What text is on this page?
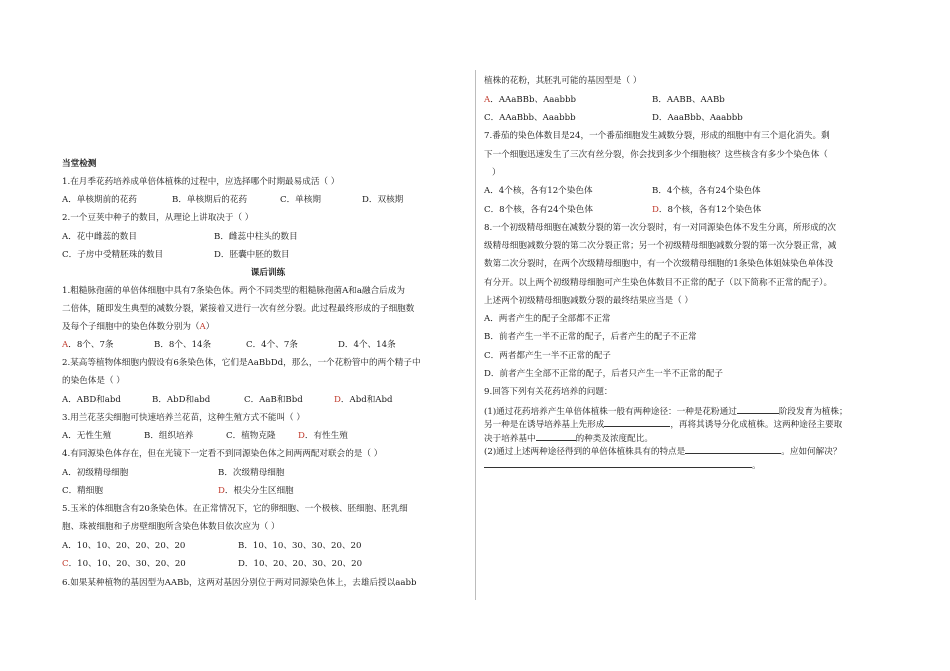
当堂检测
1.在月季花药培养成单倍体植株的过程中，应选择哪个时期最易成活（ ）
A．单核期前的花药	B．单核期后的花药	C．单核期	D．双核期
2.一个豆荚中种子的数目，从理论上讲取决于（ ）
A．花中雌蕊的数目	B．雌蕊中柱头的数目
C．子房中受精胚珠的数目	D．胚囊中胚的数目
课后训练
1.粗糙脉孢菌的单倍体细胞中具有7条染色体。两个不同类型的粗糙脉孢菌A和a融合后成为
二倍体，随即发生典型的减数分裂，紧接着又进行一次有丝分裂。此过程最终形成的子细胞数
及每个子细胞中的染色体数分别为（A）
A．8个、7条	B．8个、14条	C．4个、7条	D．4个、14条
2.某高等植物体细胞内假设有6条染色体，它们是AaBbDd，那么，一个花粉管中的两个精子中
的染色体是（ ）
A．ABD和abd	B．AbD和abd	C．AaB和Bbd	D．Abd和Abd
3.用兰花茎尖细胞可快速培养兰花苗，这种生殖方式不能叫（ ）
A．无性生殖	B．组织培养	C．植物克隆	D．有性生殖
4.有同源染色体存在，但在光镜下一定看不到同源染色体之间两两配对联会的是（ ）
A．初级精母细胞	B．次级精母细胞
C．精细胞	D．根尖分生区细胞
5.玉米的体细胞含有20条染色体。在正常情况下，它的卵细胞、一个极核、胚细胞、胚乳细
胞、珠被细胞和子房壁细胞所含染色体数目依次应为（ ）
A．10、10、20、20、20、20	B．10、10、30、30、20、20
C．10、10、20、30、20、20	D．10、20、20、30、20、20
6.如果某种植物的基因型为AABb，这两对基因分别位于两对同源染色体上，去雄后授以aabb
植株的花粉，其胚乳可能的基因型是（ ）
A．AAaBBb、Aaabbb	B．AABB、AABb
C．AAaBbb、Aaabbb	D．AaaBbb、Aaabbb
7.番茄的染色体数目是24，一个番茄细胞发生减数分裂，形成的细胞中有三个退化消失。剩
下一个细胞迅速发生了三次有丝分裂，你会找到多少个细胞核？这些核含有多少个染色体（
）
A．4个核，各有12个染色体	B．4个核，各有24个染色体
C．8个核，各有24个染色体	D．8个核，各有12个染色体
8.一个初级精母细胞在减数分裂的第一次分裂时，有一对同源染色体不发生分离，所形成的次
级精母细胞减数分裂的第二次分裂正常；另一个初级精母细胞减数分裂的第一次分裂正常，减
数第二次分裂时，在两个次级精母细胞中，有一个次级精母细胞的1条染色体姐妹染色单体没
有分开。以上两个初级精母细胞可产生染色体数目不正常的配子（以下简称不正常的配子）。
上述两个初级精母细胞减数分裂的最终结果应当是（ ）
A．两者产生的配子全部都不正常
B．前者产生一半不正常的配子，后者产生的配子不正常
C．两者都产生一半不正常的配子
D．前者产生全部不正常的配子，后者只产生一半不正常的配子
9.回答下列有关花药培养的问题：
(1)通过花药培养产生单倍体植株一般有两种途径：一种是花粉通过	阶段发育为植株；
另一种是在诱导培养基上先形成	，再将其诱导分化成植株。这两种途径主要取
决于培养基中	的种类及浓度配比。
(2)通过上述两种途径得到的单倍体植株具有的特点是	。应如何解决？
。
